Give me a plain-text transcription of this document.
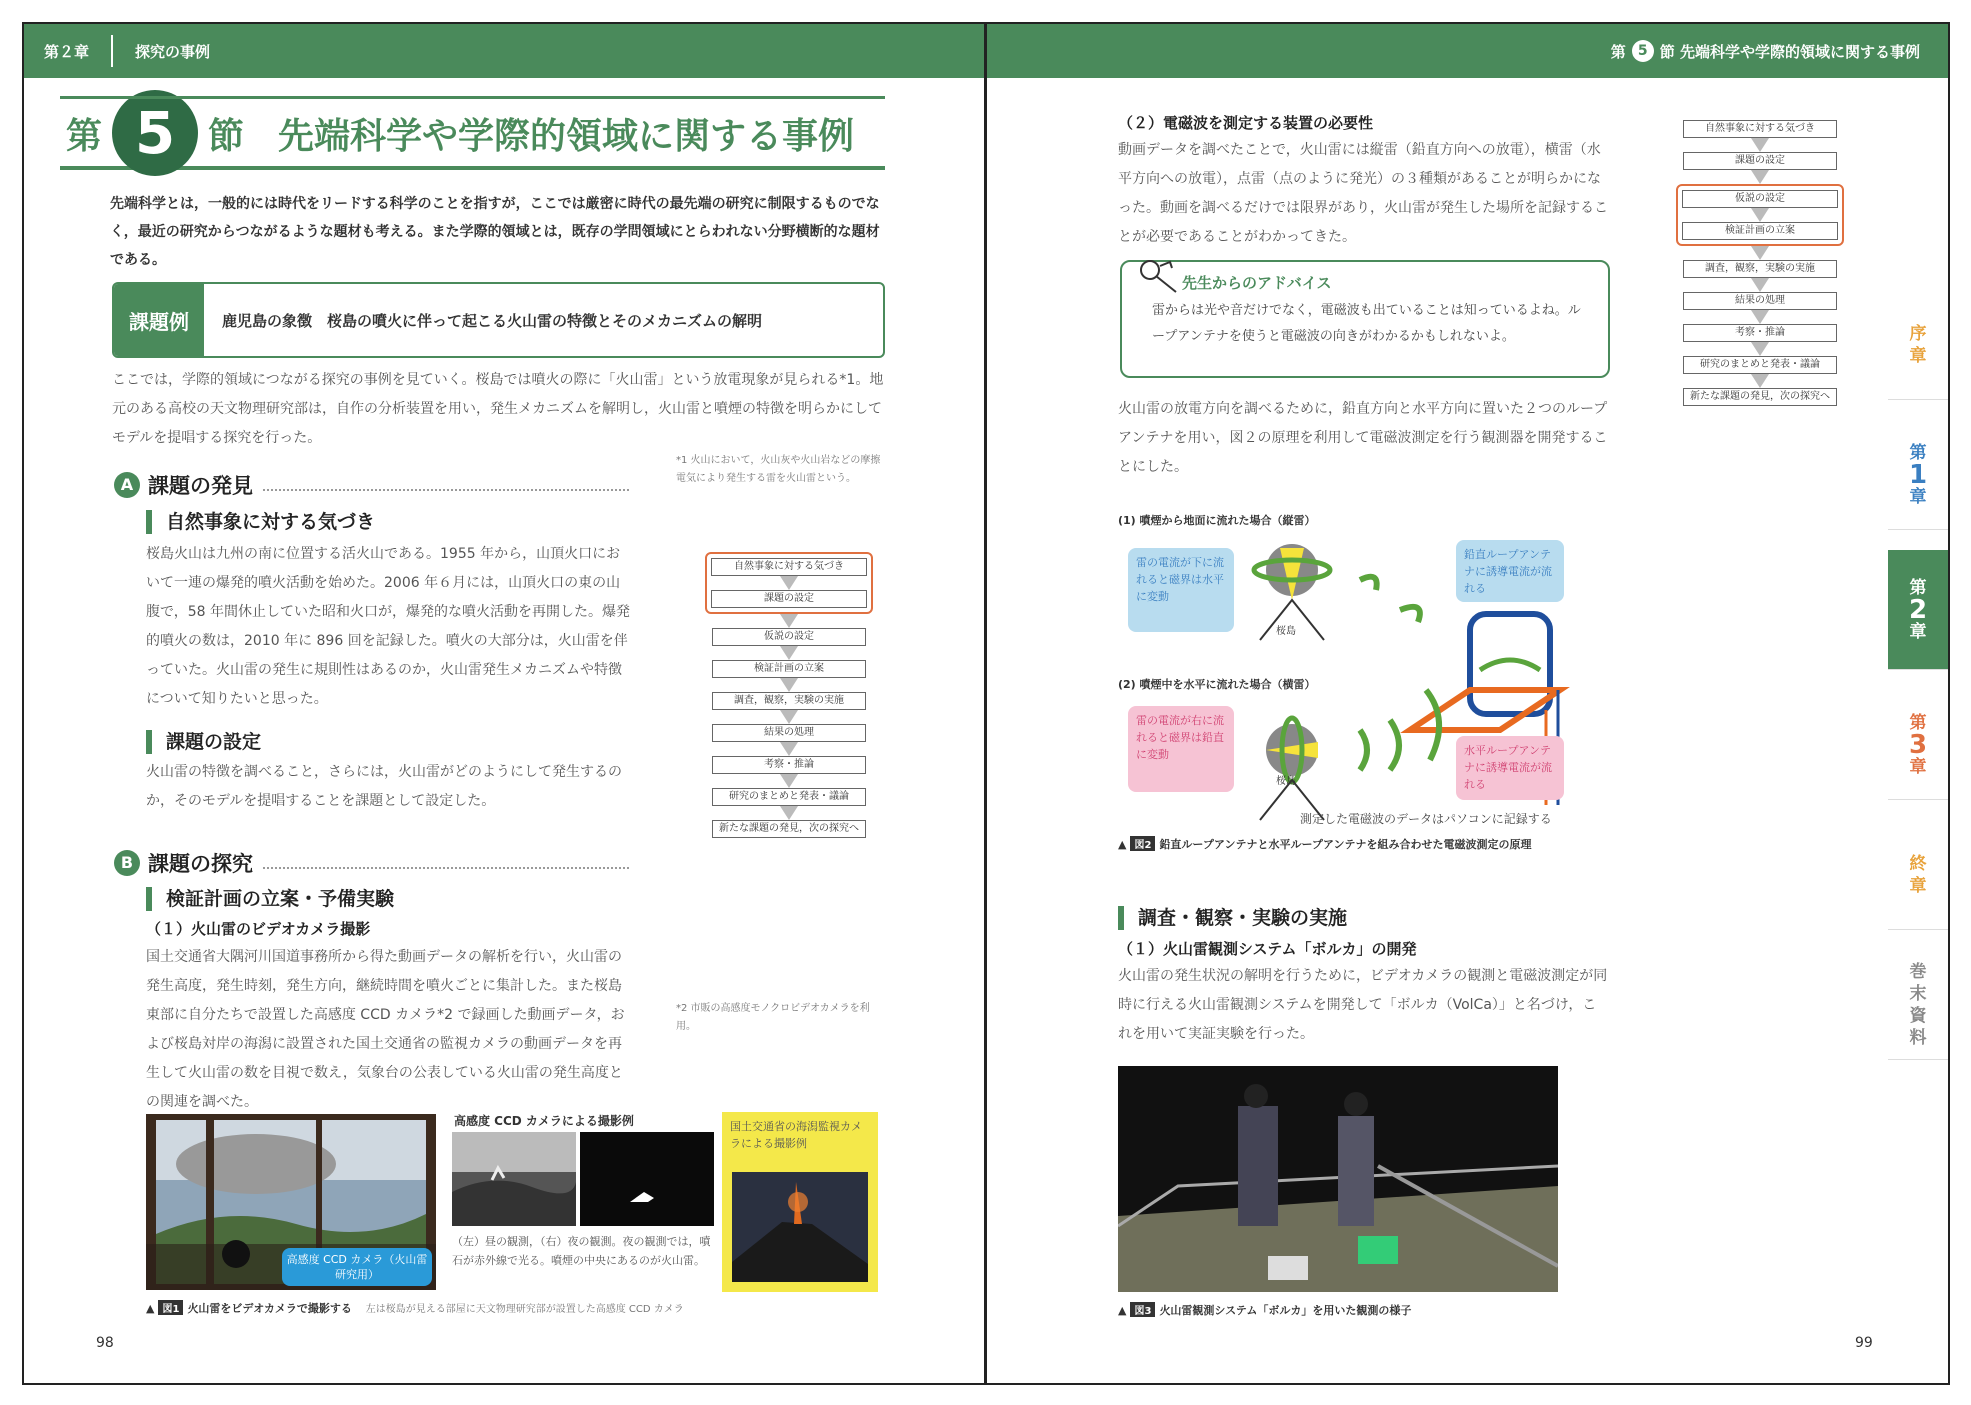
第２章	探究の事例	第 5 節 先端科学や学際的領域に関する事例
第 5 節 先端科学や学際的領域に関する事例
先端科学とは，一般的には時代をリードする科学のことを指すが，ここでは厳密に時代の最先端の研究に制限するものでなく，最近の研究からつながるような題材も考える。また学際的領域とは，既存の学問領域にとらわれない分野横断的な題材である。
課題例	鹿児島の象徴　桜島の噴火に伴って起こる火山雷の特徴とそのメカニズムの解明
ここでは，学際的領域につながる探究の事例を見ていく。桜島では噴火の際に「火山雷」という放電現象が見られる*1。地元のある高校の天文物理研究部は，自作の分析装置を用い，発生メカニズムを解明し，火山雷と噴煙の特徴を明らかにしてモデルを提唱する探究を行った。
*1 火山において，火山灰や火山岩などの摩擦電気により発生する雷を火山雷という。
A 課題の発見
自然事象に対する気づき
桜島火山は九州の南に位置する活火山である。1955 年から，山頂火口において一連の爆発的噴火活動を始めた。2006 年６月には，山頂火口の東の山腹で，58 年間休止していた昭和火口が，爆発的な噴火活動を再開した。爆発的噴火の数は，2010 年に 896 回を記録した。噴火の大部分は，火山雷を伴っていた。火山雷の発生に規則性はあるのか，火山雷発生メカニズムや特徴について知りたいと思った。
課題の設定
火山雷の特徴を調べること，さらには，火山雷がどのようにして発生するのか，そのモデルを提唱することを課題として設定した。
自然事象に対する気づき
課題の設定
仮説の設定
検証計画の立案
調査，観察，実験の実施
結果の処理
考察・推論
研究のまとめと発表・議論
新たな課題の発見，次の探究へ
B 課題の探究
検証計画の立案・予備実験
（１）火山雷のビデオカメラ撮影
国土交通省大隅河川国道事務所から得た動画データの解析を行い，火山雷の発生高度，発生時刻，発生方向，継続時間を噴火ごとに集計した。また桜島東部に自分たちで設置した高感度 CCD カメラ*2 で録画した動画データ，および桜島対岸の海潟に設置された国土交通省の監視カメラの動画データを再生して火山雷の数を目視で数え，気象台の公表している火山雷の発生高度との関連を調べた。
*2 市販の高感度モノクロビデオカメラを利用。
高感度 CCD カメラ（火山雷研究用）
高感度 CCD カメラによる撮影例
（左）昼の観測，（右）夜の観測。夜の観測では，噴石が赤外線で光る。噴煙の中央にあるのが火山雷。
国土交通省の海潟監視カメラによる撮影例
▲ 図1 火山雷をビデオカメラで撮影する 左は桜島が見える部屋に天文物理研究部が設置した高感度 CCD カメラ
98
（２）電磁波を測定する装置の必要性
動画データを調べたことで，火山雷には縦雷（鉛直方向への放電），横雷（水平方向への放電），点雷（点のように発光）の３種類があることが明らかになった。動画を調べるだけでは限界があり，火山雷が発生した場所を記録することが必要であることがわかってきた。
先生からのアドバイス
雷からは光や音だけでなく，電磁波も出ていることは知っているよね。ループアンテナを使うと電磁波の向きがわかるかもしれないよ。
火山雷の放電方向を調べるために，鉛直方向と水平方向に置いた２つのループアンテナを用い，図２の原理を利用して電磁波測定を行う観測器を開発することにした。
自然事象に対する気づき
課題の設定
仮説の設定
検証計画の立案
調査，観察，実験の実施
結果の処理
考察・推論
研究のまとめと発表・議論
新たな課題の発見，次の探究へ
(1) 噴煙から地面に流れた場合（縦雷）
雷の電流が下に流れると磁界は水平に変動
鉛直ループアンテナに誘導電流が流れる
桜島
(2) 噴煙中を水平に流れた場合（横雷）
雷の電流が右に流れると磁界は鉛直に変動	水平ループアンテナに誘導電流が流れる
桜島
測定した電磁波のデータはパソコンに記録する
▲ 図2 鉛直ループアンテナと水平ループアンテナを組み合わせた電磁波測定の原理
調査・観察・実験の実施
（１）火山雷観測システム「ボルカ」の開発
火山雷の発生状況の解明を行うために，ビデオカメラの観測と電磁波測定が同時に行える火山雷観測システムを開発して「ボルカ（VolCa）」と名づけ，これを用いて実証実験を行った。
▲ 図3 火山雷観測システム「ボルカ」を用いた観測の様子
99
序
章
第
1
章
第
2
章
第
3
章
終
章
巻
末
資
料
